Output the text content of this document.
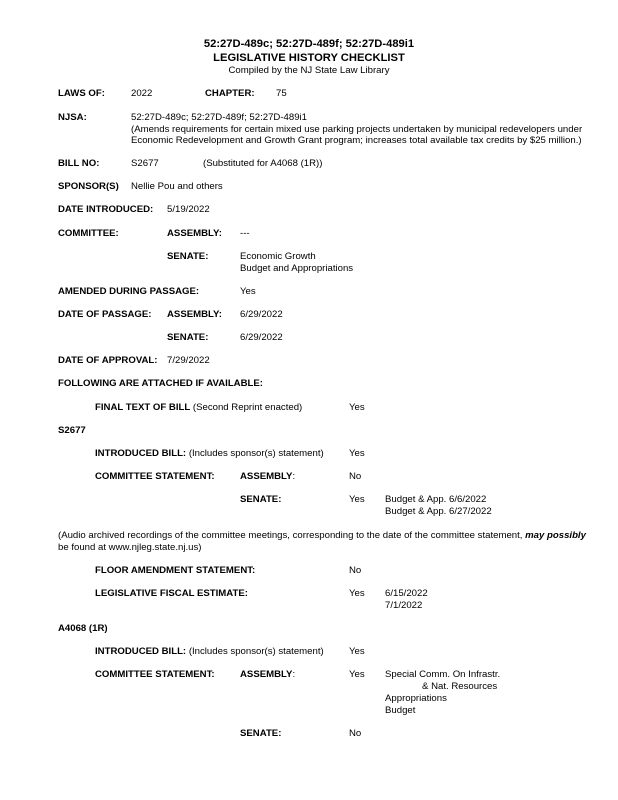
52:27D-489c; 52:27D-489f; 52:27D-489i1
LEGISLATIVE HISTORY CHECKLIST
Compiled by the NJ State Law Library
LAWS OF:	2022	CHAPTER: 75
NJSA:	52:27D-489c; 52:27D-489f; 52:27D-489i1
(Amends requirements for certain mixed use parking projects undertaken by municipal redevelopers under
Economic Redevelopment and Growth Grant program; increases total available tax credits by $25 million.)
BILL NO:	S2677	(Substituted for A4068 (1R))
SPONSOR(S) Nellie Pou and others
DATE INTRODUCED: 5/19/2022
COMMITTEE:	ASSEMBLY: ---
SENATE:	Economic Growth
Budget and Appropriations
AMENDED DURING PASSAGE:	Yes
DATE OF PASSAGE: ASSEMBLY: 6/29/2022
SENATE:	6/29/2022
DATE OF APPROVAL: 7/29/2022
FOLLOWING ARE ATTACHED IF AVAILABLE:
FINAL TEXT OF BILL (Second Reprint enacted)	Yes
S2677
INTRODUCED BILL: (Includes sponsor(s) statement)	Yes
COMMITTEE STATEMENT:	ASSEMBLY:	No
SENATE:	Yes Budget & App. 6/6/2022
Budget & App. 6/27/2022
(Audio archived recordings of the committee meetings, corresponding to the date of the committee statement, may possibly
be found at www.njleg.state.nj.us)
FLOOR AMENDMENT STATEMENT:	No
LEGISLATIVE FISCAL ESTIMATE:	Yes 6/15/2022
7/1/2022
A4068 (1R)
INTRODUCED BILL: (Includes sponsor(s) statement)	Yes
COMMITTEE STATEMENT:	ASSEMBLY:	Yes Special Comm. On Infrastr.
& Nat. Resources
Appropriations
Budget
SENATE:	No
